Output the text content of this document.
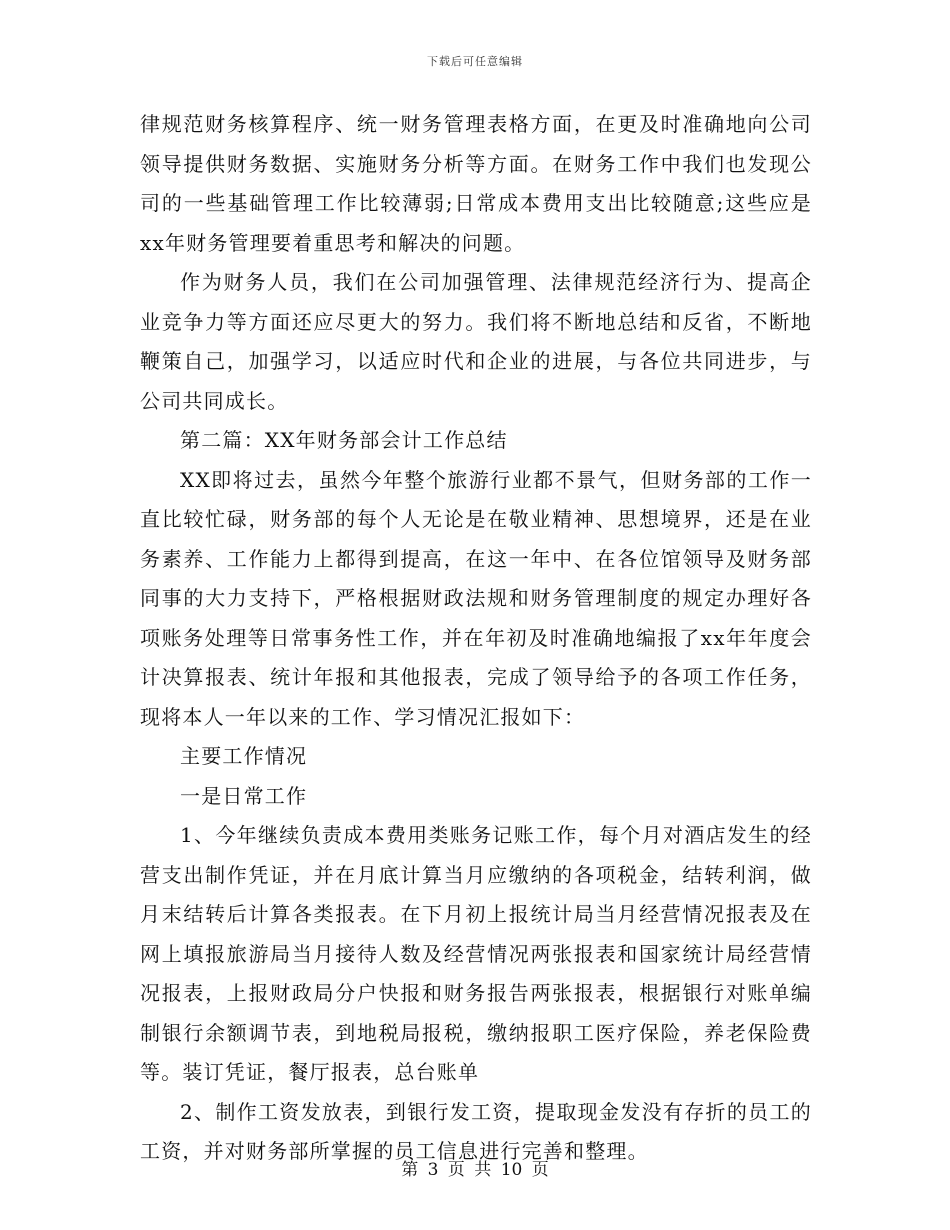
下载后可任意编辑

律规范财务核算程序、统一财务管理表格方面，在更及时准确地向公司领导提供财务数据、实施财务分析等方面。在财务工作中我们也发现公司的一些基础管理工作比较薄弱;日常成本费用支出比较随意;这些应是xx年财务管理要着重思考和解决的问题。

作为财务人员，我们在公司加强管理、法律规范经济行为、提高企业竞争力等方面还应尽更大的努力。我们将不断地总结和反省，不断地鞭策自己，加强学习，以适应时代和企业的进展，与各位共同进步，与公司共同成长。

第二篇：XX年财务部会计工作总结

XX即将过去，虽然今年整个旅游行业都不景气，但财务部的工作一直比较忙碌，财务部的每个人无论是在敬业精神、思想境界，还是在业务素养、工作能力上都得到提高，在这一年中、在各位馆领导及财务部同事的大力支持下，严格根据财政法规和财务管理制度的规定办理好各项账务处理等日常事务性工作，并在年初及时准确地编报了xx年年度会计决算报表、统计年报和其他报表，完成了领导给予的各项工作任务，现将本人一年以来的工作、学习情况汇报如下：

主要工作情况

一是日常工作

1、今年继续负责成本费用类账务记账工作，每个月对酒店发生的经营支出制作凭证，并在月底计算当月应缴纳的各项税金，结转利润，做月末结转后计算各类报表。在下月初上报统计局当月经营情况报表及在网上填报旅游局当月接待人数及经营情况两张报表和国家统计局经营情况报表，上报财政局分户快报和财务报告两张报表，根据银行对账单编制银行余额调节表，到地税局报税，缴纳报职工医疗保险，养老保险费等。装订凭证，餐厅报表，总台账单

2、制作工资发放表，到银行发工资，提取现金发没有存折的员工的工资，并对财务部所掌握的员工信息进行完善和整理。

第 3 页 共 10 页
